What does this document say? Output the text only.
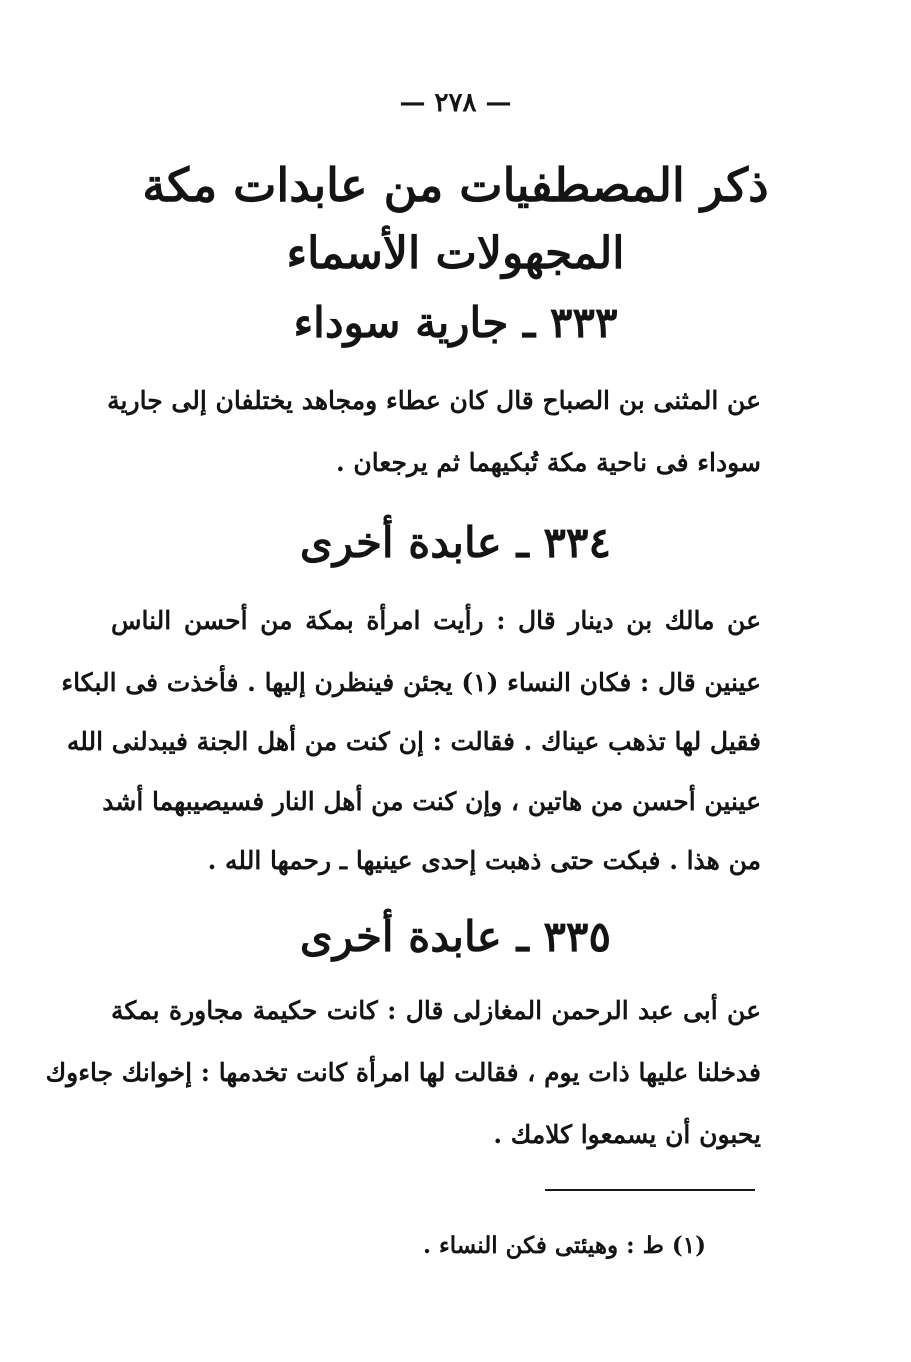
— ٢٧٨ —
ذكر المصطفيات من عابدات مكة
المجهولات الأسماء
٣٣٣ ـ جارية سوداء
عن المثنى بن الصباح قال كان عطاء ومجاهد يختلفان إلى جارية
سوداء فى ناحية مكة تُبكيهما ثم يرجعان .
٣٣٤ ـ عابدة أخرى
عن مالك بن دينار قال : رأيت امرأة بمكة من أحسن الناس
عينين قال : فكان النساء (١) يجئن فينظرن إليها . فأخذت فى البكاء
فقيل لها تذهب عيناك . فقالت : إن كنت من أهل الجنة فيبدلنى الله
عينين أحسن من هاتين ، وإن كنت من أهل النار فسيصيبهما أشد
من هذا . فبكت حتى ذهبت إحدى عينيها ـ رحمها الله .
٣٣٥ ـ عابدة أخرى
عن أبى عبد الرحمن المغازلى قال : كانت حكيمة مجاورة بمكة
فدخلنا عليها ذات يوم ، فقالت لها امرأة كانت تخدمها : إخوانك جاءوك
يحبون أن يسمعوا كلامك .
(١) ط : وهيئتى فكن النساء .
